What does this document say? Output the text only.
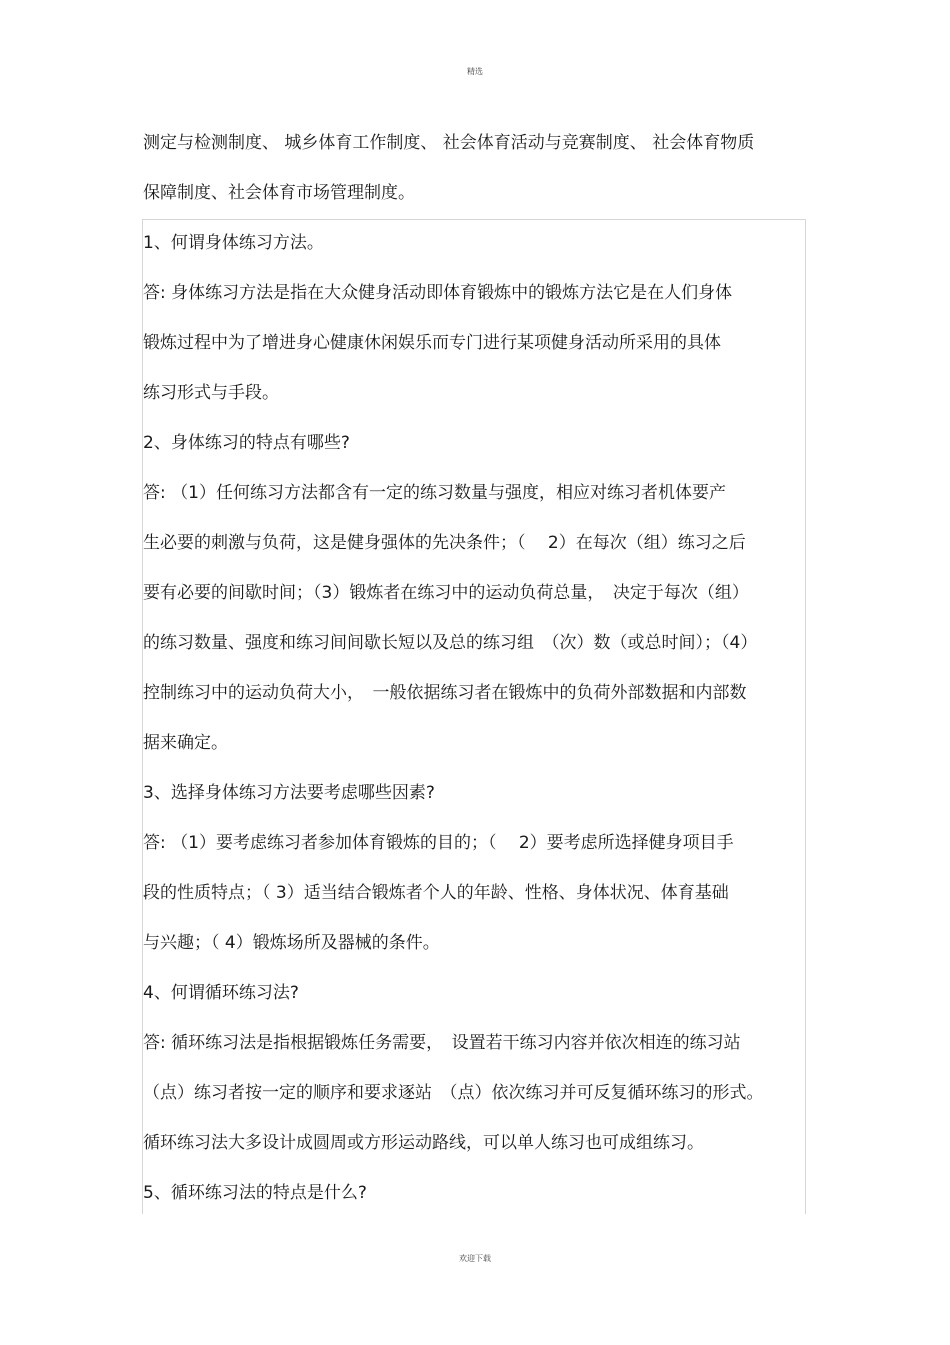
精选
测定与检测制度、 城乡体育工作制度、 社会体育活动与竞赛制度、 社会体育物质
保障制度、社会体育市场管理制度。
1、何谓身体练习方法。
答: 身体练习方法是指在大众健身活动即体育锻炼中的锻炼方法它是在人们身体
锻炼过程中为了增进身心健康休闲娱乐而专门进行某项健身活动所采用的具体
练习形式与手段。
2、身体练习的特点有哪些?
答: （1）任何练习方法都含有一定的练习数量与强度，相应对练习者机体要产
生必要的刺激与负荷，这是健身强体的先决条件；（　 2）在每次（组）练习之后
要有必要的间歇时间；（3）锻炼者在练习中的运动负荷总量，　决定于每次（组）
的练习数量、强度和练习间间歇长短以及总的练习组　（次）数（或总时间）；（4）
控制练习中的运动负荷大小，　一般依据练习者在锻炼中的负荷外部数据和内部数
据来确定。
3、选择身体练习方法要考虑哪些因素?
答: （1）要考虑练习者参加体育锻炼的目的；（　 2）要考虑所选择健身项目手
段的性质特点；（ 3）适当结合锻炼者个人的年龄、性格、身体状况、体育基础
与兴趣；（ 4）锻炼场所及器械的条件。
4、何谓循环练习法?
答: 循环练习法是指根据锻炼任务需要，　设置若干练习内容并依次相连的练习站
（点）练习者按一定的顺序和要求逐站　（点）依次练习并可反复循环练习的形式。
循环练习法大多设计成圆周或方形运动路线，可以单人练习也可成组练习。
5、循环练习法的特点是什么?
欢迎下载
